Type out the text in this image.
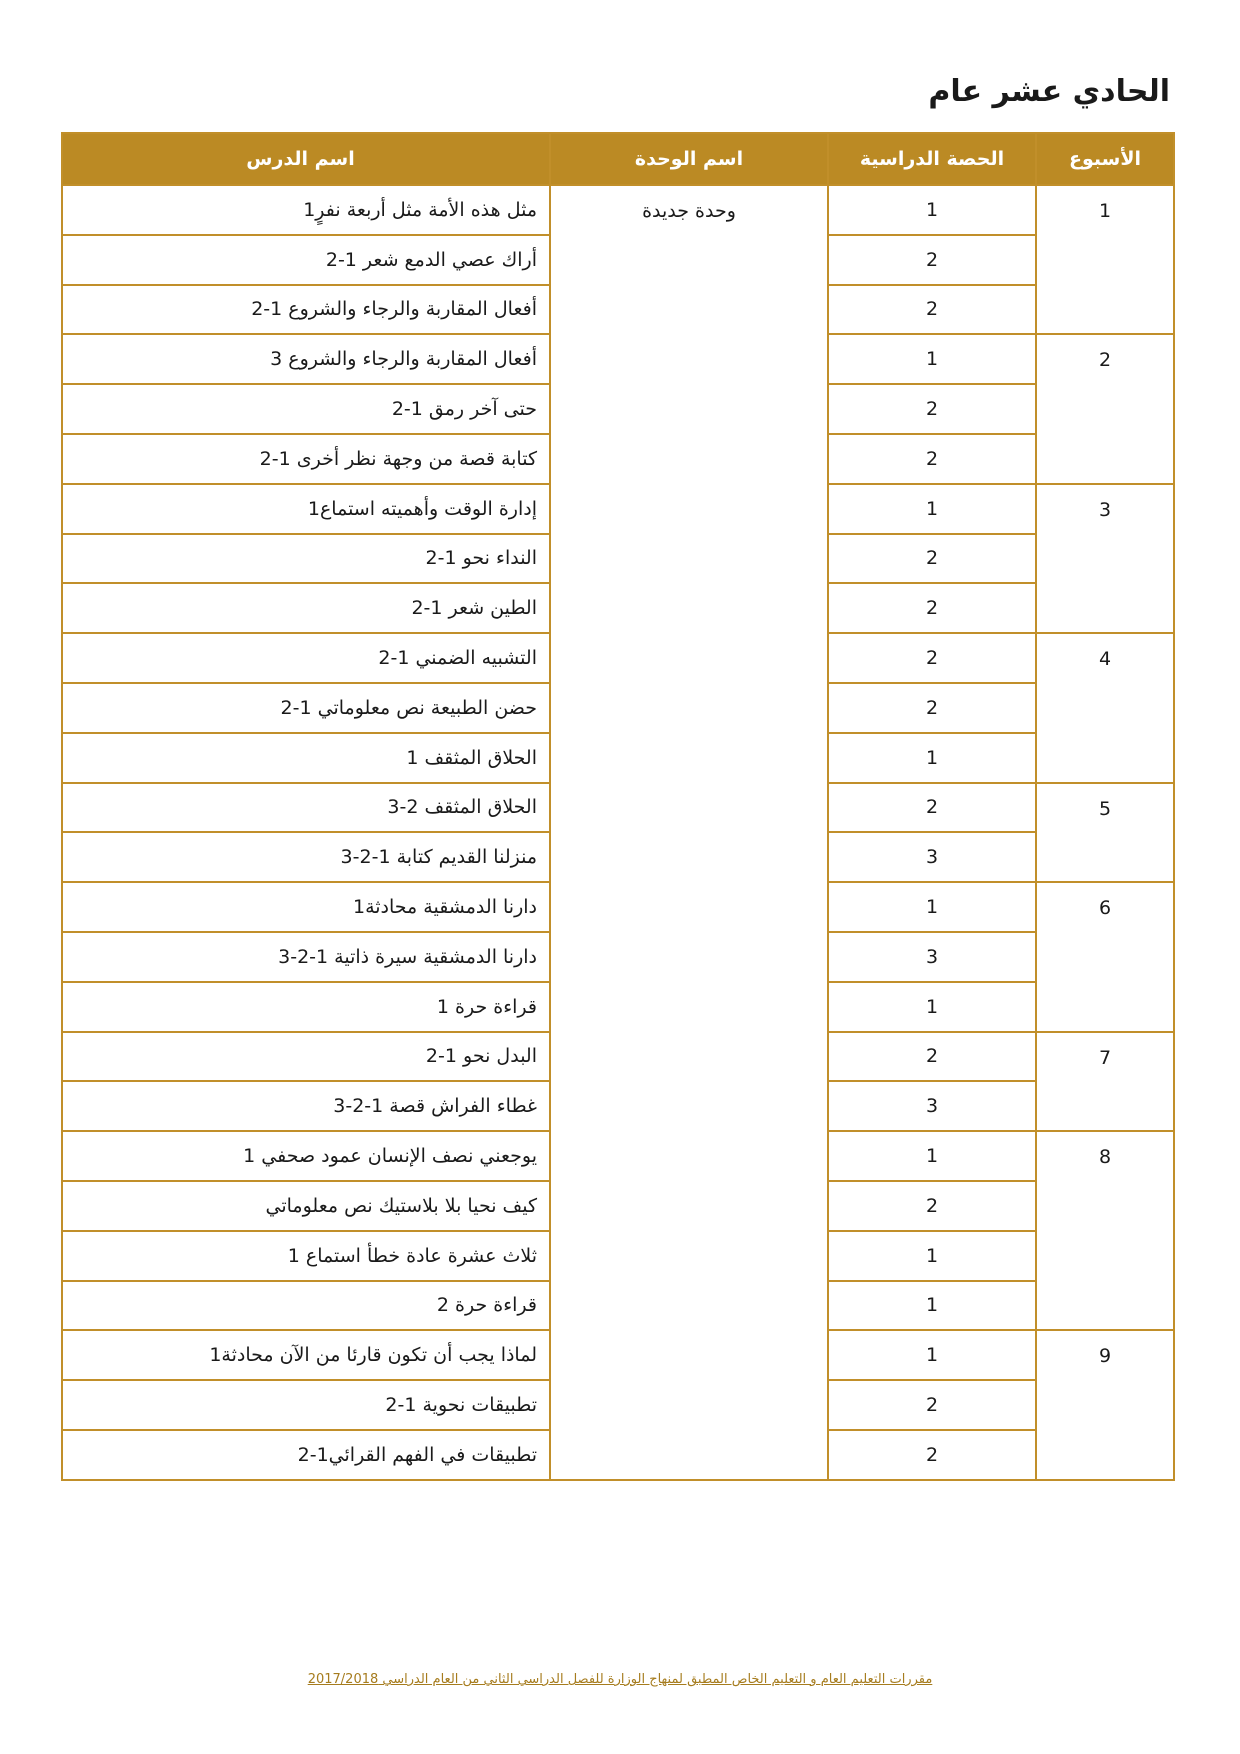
الحادي عشر عام
الأسبوع	الحصة الدراسية	اسم الوحدة	اسم الدرس
1	1	وحدة جديدة	مثل هذه الأمة مثل أربعة نفرٍ1
	2		أراك عصي الدمع شعر 1-2
	2		أفعال المقاربة والرجاء والشروع 1-2
2	1		أفعال المقاربة والرجاء والشروع 3
	2		حتى آخر رمق 1-2
	2		كتابة قصة من وجهة نظر أخرى 1-2
3	1		إدارة الوقت وأهميته استماع1
	2		النداء نحو 1-2
	2		الطين شعر 1-2
4	2		التشبيه الضمني 1-2
	2		حضن الطبيعة نص معلوماتي 1-2
	1		الحلاق المثقف 1
5	2		الحلاق المثقف 2-3
	3		منزلنا القديم كتابة 1-2-3
6	1		دارنا الدمشقية محادثة1
	3		دارنا الدمشقية سيرة ذاتية 1-2-3
	1		قراءة حرة 1
7	2		البدل نحو 1-2
	3		غطاء الفراش قصة 1-2-3
8	1		يوجعني نصف الإنسان عمود صحفي 1
	2		كيف نحيا بلا بلاستيك نص معلوماتي
	1		ثلاث عشرة عادة خطأ استماع 1
	1		قراءة حرة 2
9	1		لماذا يجب أن تكون قارئا من الآن محادثة1
	2		تطبيقات نحوية 1-2
	2		تطبيقات في الفهم القرائي1-2
مقررات التعليم العام و التعليم الخاص المطبق لمنهاج الوزارة للفصل الدراسي الثاني من العام الدراسي 2017/2018
